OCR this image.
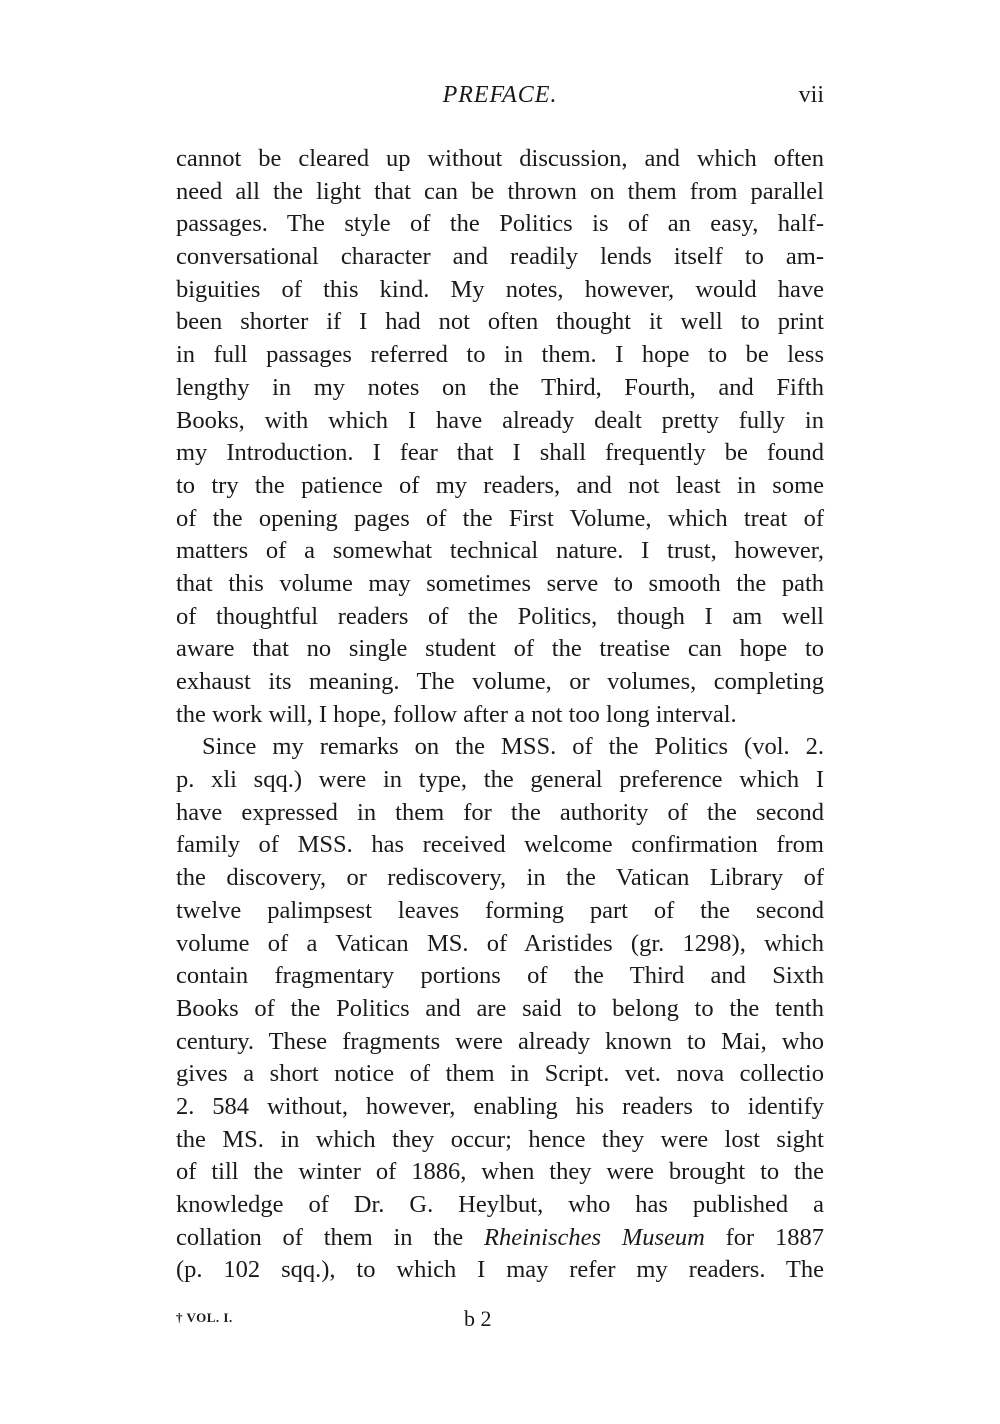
PREFACE.	vii
cannot be cleared up without discussion, and which often
need all the light that can be thrown on them from parallel
passages. The style of the Politics is of an easy, half-
conversational character and readily lends itself to am-
biguities of this kind. My notes, however, would have
been shorter if I had not often thought it well to print
in full passages referred to in them. I hope to be less
lengthy in my notes on the Third, Fourth, and Fifth
Books, with which I have already dealt pretty fully in
my Introduction. I fear that I shall frequently be found
to try the patience of my readers, and not least in some
of the opening pages of the First Volume, which treat of
matters of a somewhat technical nature. I trust, however,
that this volume may sometimes serve to smooth the path
of thoughtful readers of the Politics, though I am well
aware that no single student of the treatise can hope to
exhaust its meaning. The volume, or volumes, completing
the work will, I hope, follow after a not too long interval.
Since my remarks on the MSS. of the Politics (vol. 2.
p. xli sqq.) were in type, the general preference which I
have expressed in them for the authority of the second
family of MSS. has received welcome confirmation from
the discovery, or rediscovery, in the Vatican Library of
twelve palimpsest leaves forming part of the second
volume of a Vatican MS. of Aristides (gr. 1298), which
contain fragmentary portions of the Third and Sixth
Books of the Politics and are said to belong to the tenth
century. These fragments were already known to Mai, who
gives a short notice of them in Script. vet. nova collectio
2. 584 without, however, enabling his readers to identify
the MS. in which they occur; hence they were lost sight
of till the winter of 1886, when they were brought to the
knowledge of Dr. G. Heylbut, who has published a
collation of them in the Rheinisches Museum for 1887
(p. 102 sqq.), to which I may refer my readers. The
† VOL. I.	b 2
